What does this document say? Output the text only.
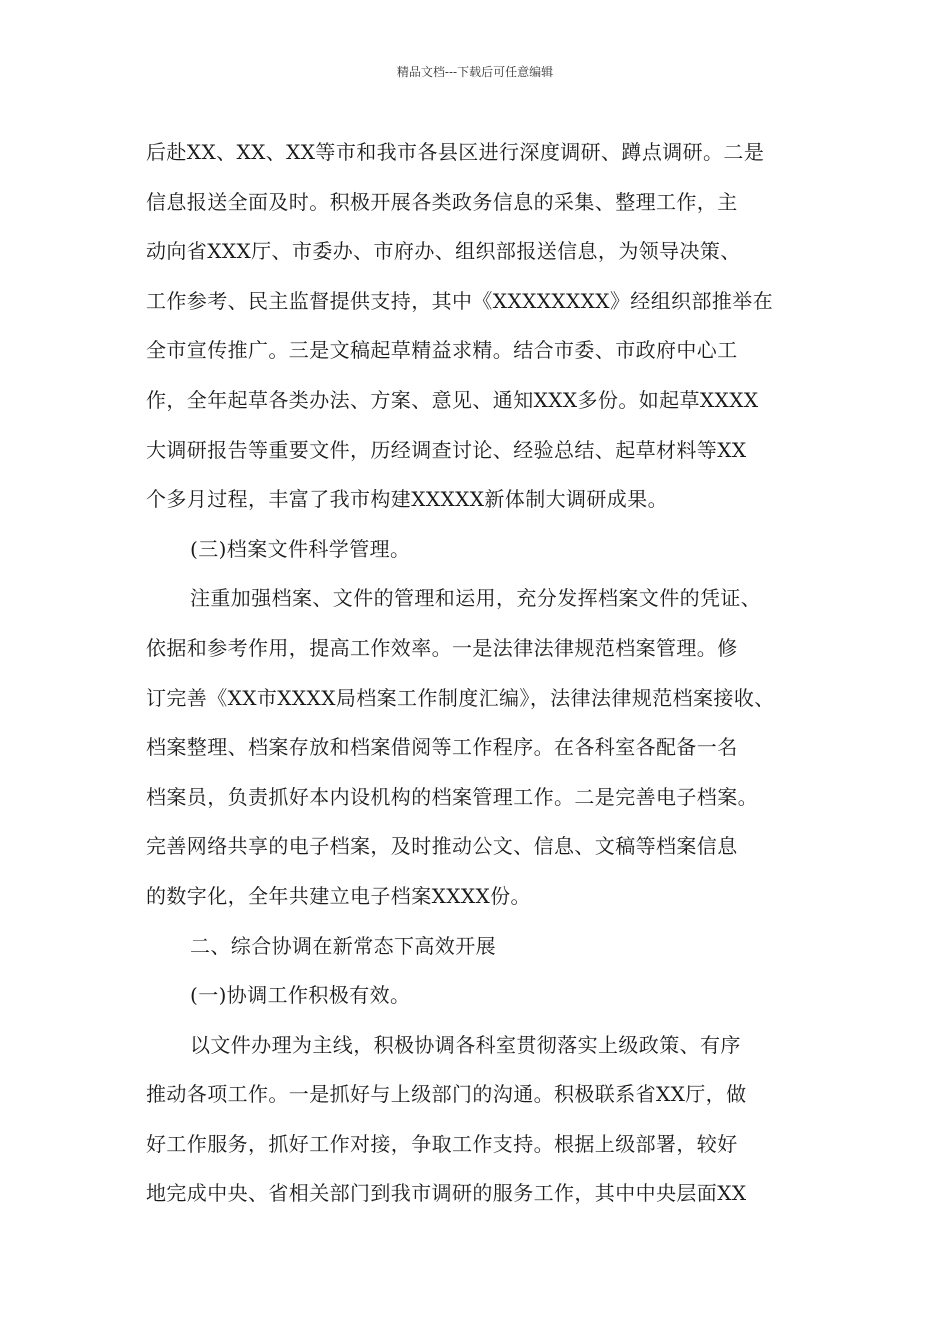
精品文档---下载后可任意编辑
后赴XX、XX、XX等市和我市各县区进行深度调研、蹲点调研。二是
信息报送全面及时。积极开展各类政务信息的采集、整理工作，主
动向省XXX厅、市委办、市府办、组织部报送信息，为领导决策、
工作参考、民主监督提供支持，其中《XXXXXXXX》经组织部推举在
全市宣传推广。三是文稿起草精益求精。结合市委、市政府中心工
作，全年起草各类办法、方案、意见、通知XXX多份。如起草XXXX
大调研报告等重要文件，历经调查讨论、经验总结、起草材料等XX
个多月过程，丰富了我市构建XXXXX新体制大调研成果。
(三)档案文件科学管理。
注重加强档案、文件的管理和运用，充分发挥档案文件的凭证、
依据和参考作用，提高工作效率。一是法律法律规范档案管理。修
订完善《XX市XXXX局档案工作制度汇编》，法律法律规范档案接收、
档案整理、档案存放和档案借阅等工作程序。在各科室各配备一名
档案员，负责抓好本内设机构的档案管理工作。二是完善电子档案。
完善网络共享的电子档案，及时推动公文、信息、文稿等档案信息
的数字化，全年共建立电子档案XXXX份。
二、综合协调在新常态下高效开展
(一)协调工作积极有效。
以文件办理为主线，积极协调各科室贯彻落实上级政策、有序
推动各项工作。一是抓好与上级部门的沟通。积极联系省XX厅，做
好工作服务，抓好工作对接，争取工作支持。根据上级部署，较好
地完成中央、省相关部门到我市调研的服务工作，其中中央层面XX
